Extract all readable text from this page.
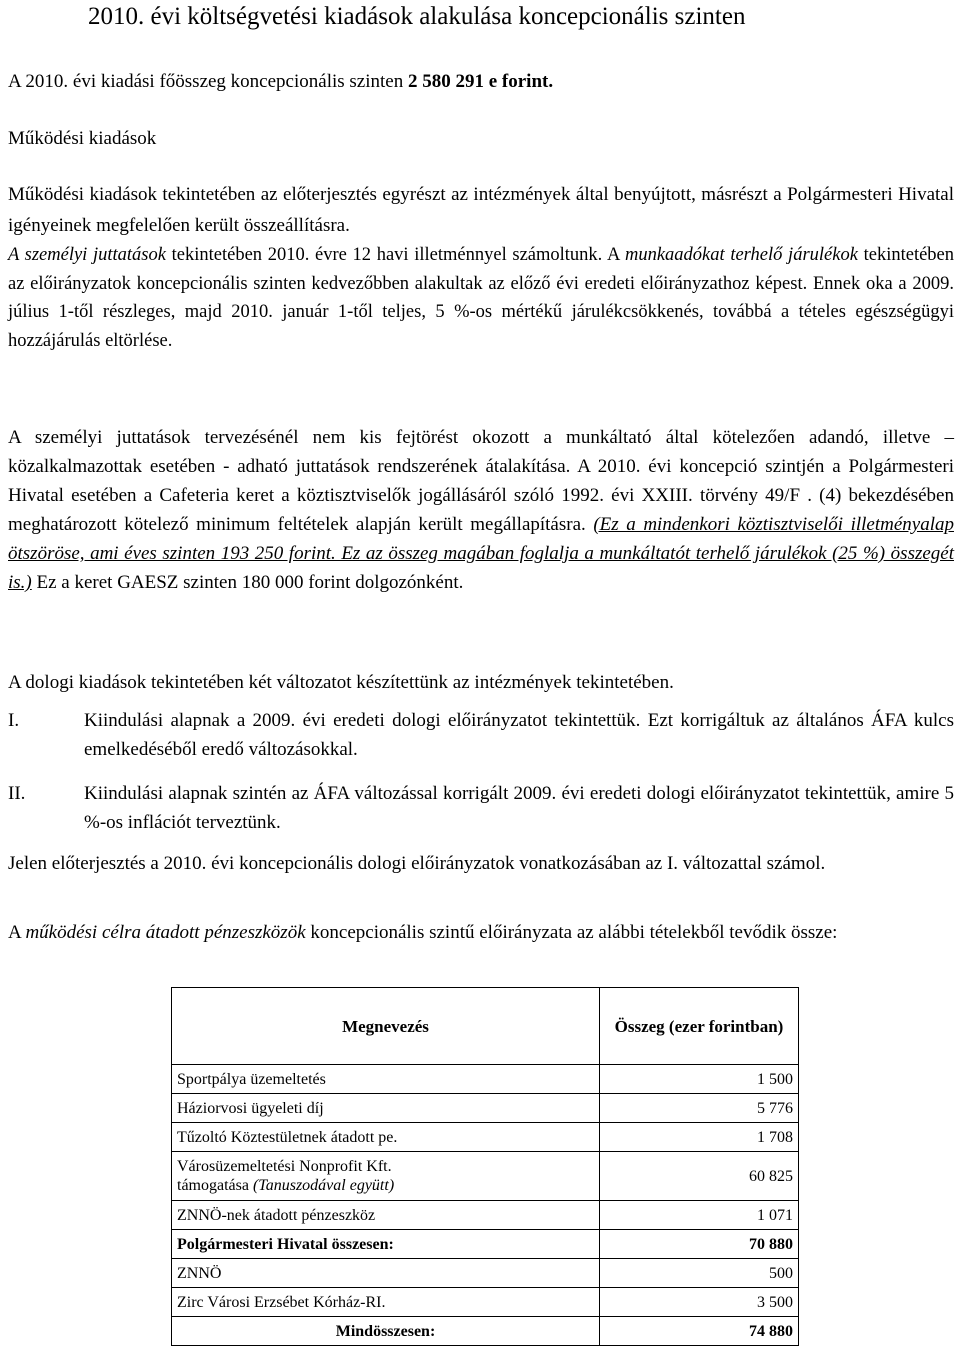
2010. évi költségvetési kiadások alakulása koncepcionális szinten
A 2010. évi kiadási főösszeg koncepcionális szinten 2 580 291 e forint.
Működési kiadások
Működési kiadások tekintetében az előterjesztés egyrészt az intézmények által benyújtott, másrészt a Polgármesteri Hivatal igényeinek megfelelően került összeállításra.
A személyi juttatások tekintetében 2010. évre 12 havi illetménnyel számoltunk. A munkaadókat terhelő járulékok tekintetében az előirányzatok koncepcionális szinten kedvezőbben alakultak az előző évi eredeti előirányzathoz képest. Ennek oka a 2009. július 1-től részleges, majd 2010. január 1-től teljes, 5 %-os mértékű járulékcsökkenés, továbbá a tételes egészségügyi hozzájárulás eltörlése.
A személyi juttatások tervezésénél nem kis fejtörést okozott a munkáltató által kötelezően adandó, illetve – közalkalmazottak esetében - adható juttatások rendszerének átalakítása. A 2010. évi koncepció szintjén a Polgármesteri Hivatal esetében a Cafeteria keret a köztisztviselők jogállásáról szóló 1992. évi XXIII. törvény 49/F . (4) bekezdésében meghatározott kötelező minimum feltételek alapján került megállapításra. (Ez a mindenkori köztisztviselői illetményalap ötszöröse, ami éves szinten 193 250 forint. Ez az összeg magában foglalja a munkáltatót terhelő járulékok (25 %) összegét is.) Ez a keret GAESZ szinten 180 000 forint dolgozónként.
A dologi kiadások tekintetében két változatot készítettünk az intézmények tekintetében.
I.	Kiindulási alapnak a 2009. évi eredeti dologi előirányzatot tekintettük. Ezt korrigáltuk az általános ÁFA kulcs emelkedéséből eredő változásokkal.
II.	Kiindulási alapnak szintén az ÁFA változással korrigált 2009. évi eredeti dologi előirányzatot tekintettük, amire 5 %-os inflációt terveztünk.
Jelen előterjesztés a 2010. évi koncepcionális dologi előirányzatok vonatkozásában az I. változattal számol.
A működési célra átadott pénzeszközök koncepcionális szintű előirányzata az alábbi tételekből tevődik össze:
Megnevezés	Összeg (ezer forintban)
Sportpálya üzemeltetés	1 500
Háziorvosi ügyeleti díj	5 776
Tűzoltó Köztestületnek átadott pe.	1 708
Városüzemeltetési Nonprofit Kft.
támogatása (Tanuszodával együtt)	60 825
ZNNÖ-nek átadott pénzeszköz	1 071
Polgármesteri Hivatal összesen:	70 880
ZNNÖ	500
Zirc Városi Erzsébet Kórház-RI.	3 500
Mindösszesen:	74 880
